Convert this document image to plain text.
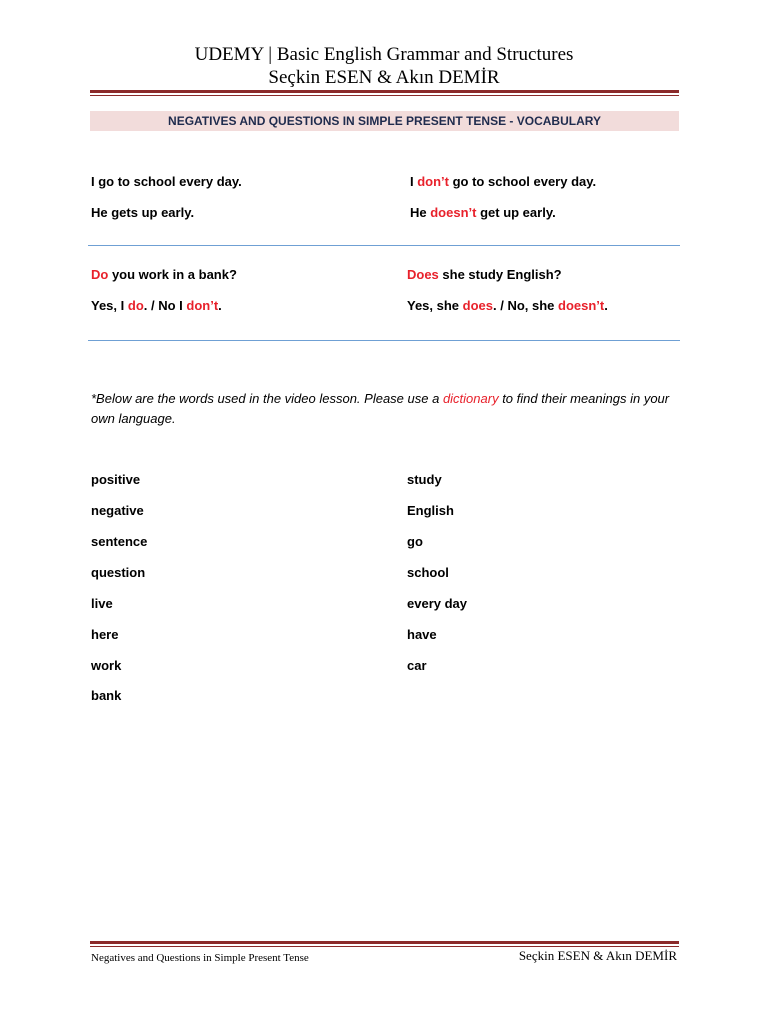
UDEMY | Basic English Grammar and Structures
Seçkin ESEN & Akın DEMİR
NEGATIVES AND QUESTIONS IN SIMPLE PRESENT TENSE - VOCABULARY
I go to school every day.
He gets up early.
I don’t go to school every day.
He doesn’t get up early.
Do you work in a bank?
Yes, I do. / No I don’t.
Does she study English?
Yes, she does. / No, she doesn’t.
*Below are the words used in the video lesson. Please use a dictionary to find their meanings in your own language.
positive
negative
sentence
question
live
here
work
bank
study
English
go
school
every day
have
car
Negatives and Questions in Simple Present Tense	Seçkin ESEN & Akın DEMİR
